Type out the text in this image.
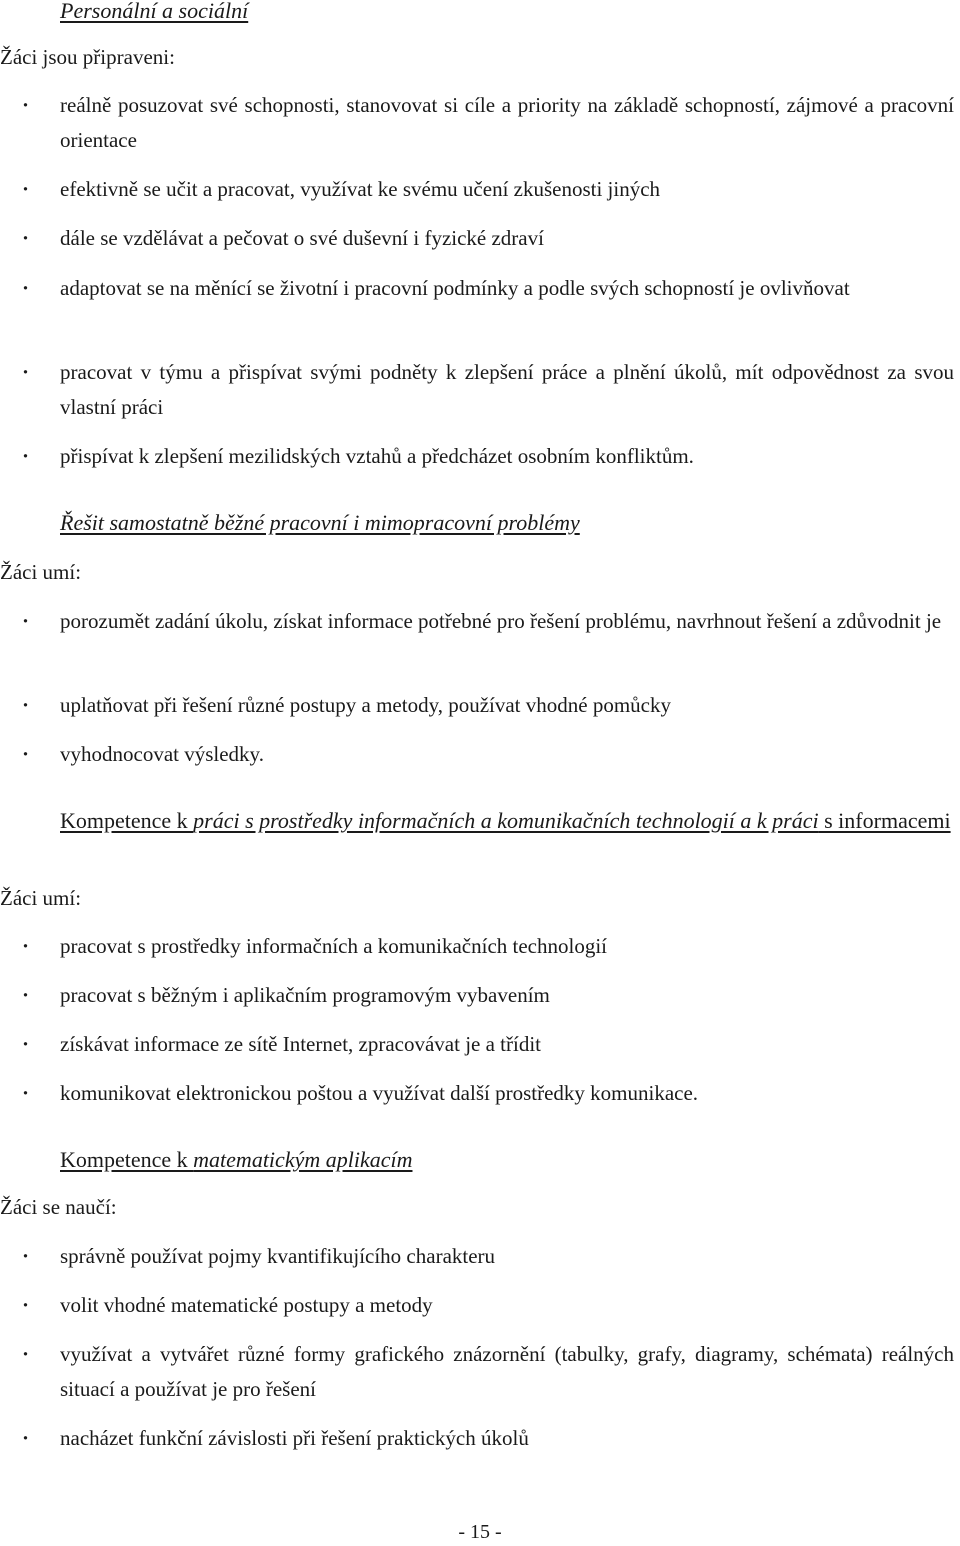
Personální a sociální

Žáci jsou připraveni:

· reálně posuzovat své schopnosti, stanovovat si cíle a priority na základě schopností, zájmové a pracovní orientace
· efektivně se učit a pracovat, využívat ke svému učení zkušenosti jiných
· dále se vzdělávat a pečovat o své duševní i fyzické zdraví
· adaptovat se na měnící se životní i pracovní podmínky a podle svých schopností je ovlivňovat
· pracovat v týmu a přispívat svými podněty k zlepšení práce a plnění úkolů, mít odpovědnost za svou vlastní práci
· přispívat k zlepšení mezilidských vztahů a předcházet osobním konfliktům.
Řešit samostatně běžné pracovní i mimopracovní problémy

Žáci umí:

· porozumět zadání úkolu, získat informace potřebné pro řešení problému, navrhnout řešení a zdůvodnit je
· uplatňovat při řešení různé postupy a metody, používat vhodné pomůcky
· vyhodnocovat výsledky.
Kompetence k práci s prostředky informačních a komunikačních technologií a k práci s informacemi

Žáci umí:

· pracovat s prostředky informačních a komunikačních technologií
· pracovat s běžným i aplikačním programovým vybavením
· získávat informace ze sítě Internet, zpracovávat je a třídit
· komunikovat elektronickou poštou a využívat další prostředky komunikace.
Kompetence k matematickým aplikacím

Žáci se naučí:

· správně používat pojmy kvantifikujícího charakteru
· volit vhodné matematické postupy a metody
· využívat a vytvářet různé formy grafického znázornění (tabulky, grafy, diagramy, schémata) reálných situací a používat je pro řešení
· nacházet funkční závislosti při řešení praktických úkolů
- 15 -
